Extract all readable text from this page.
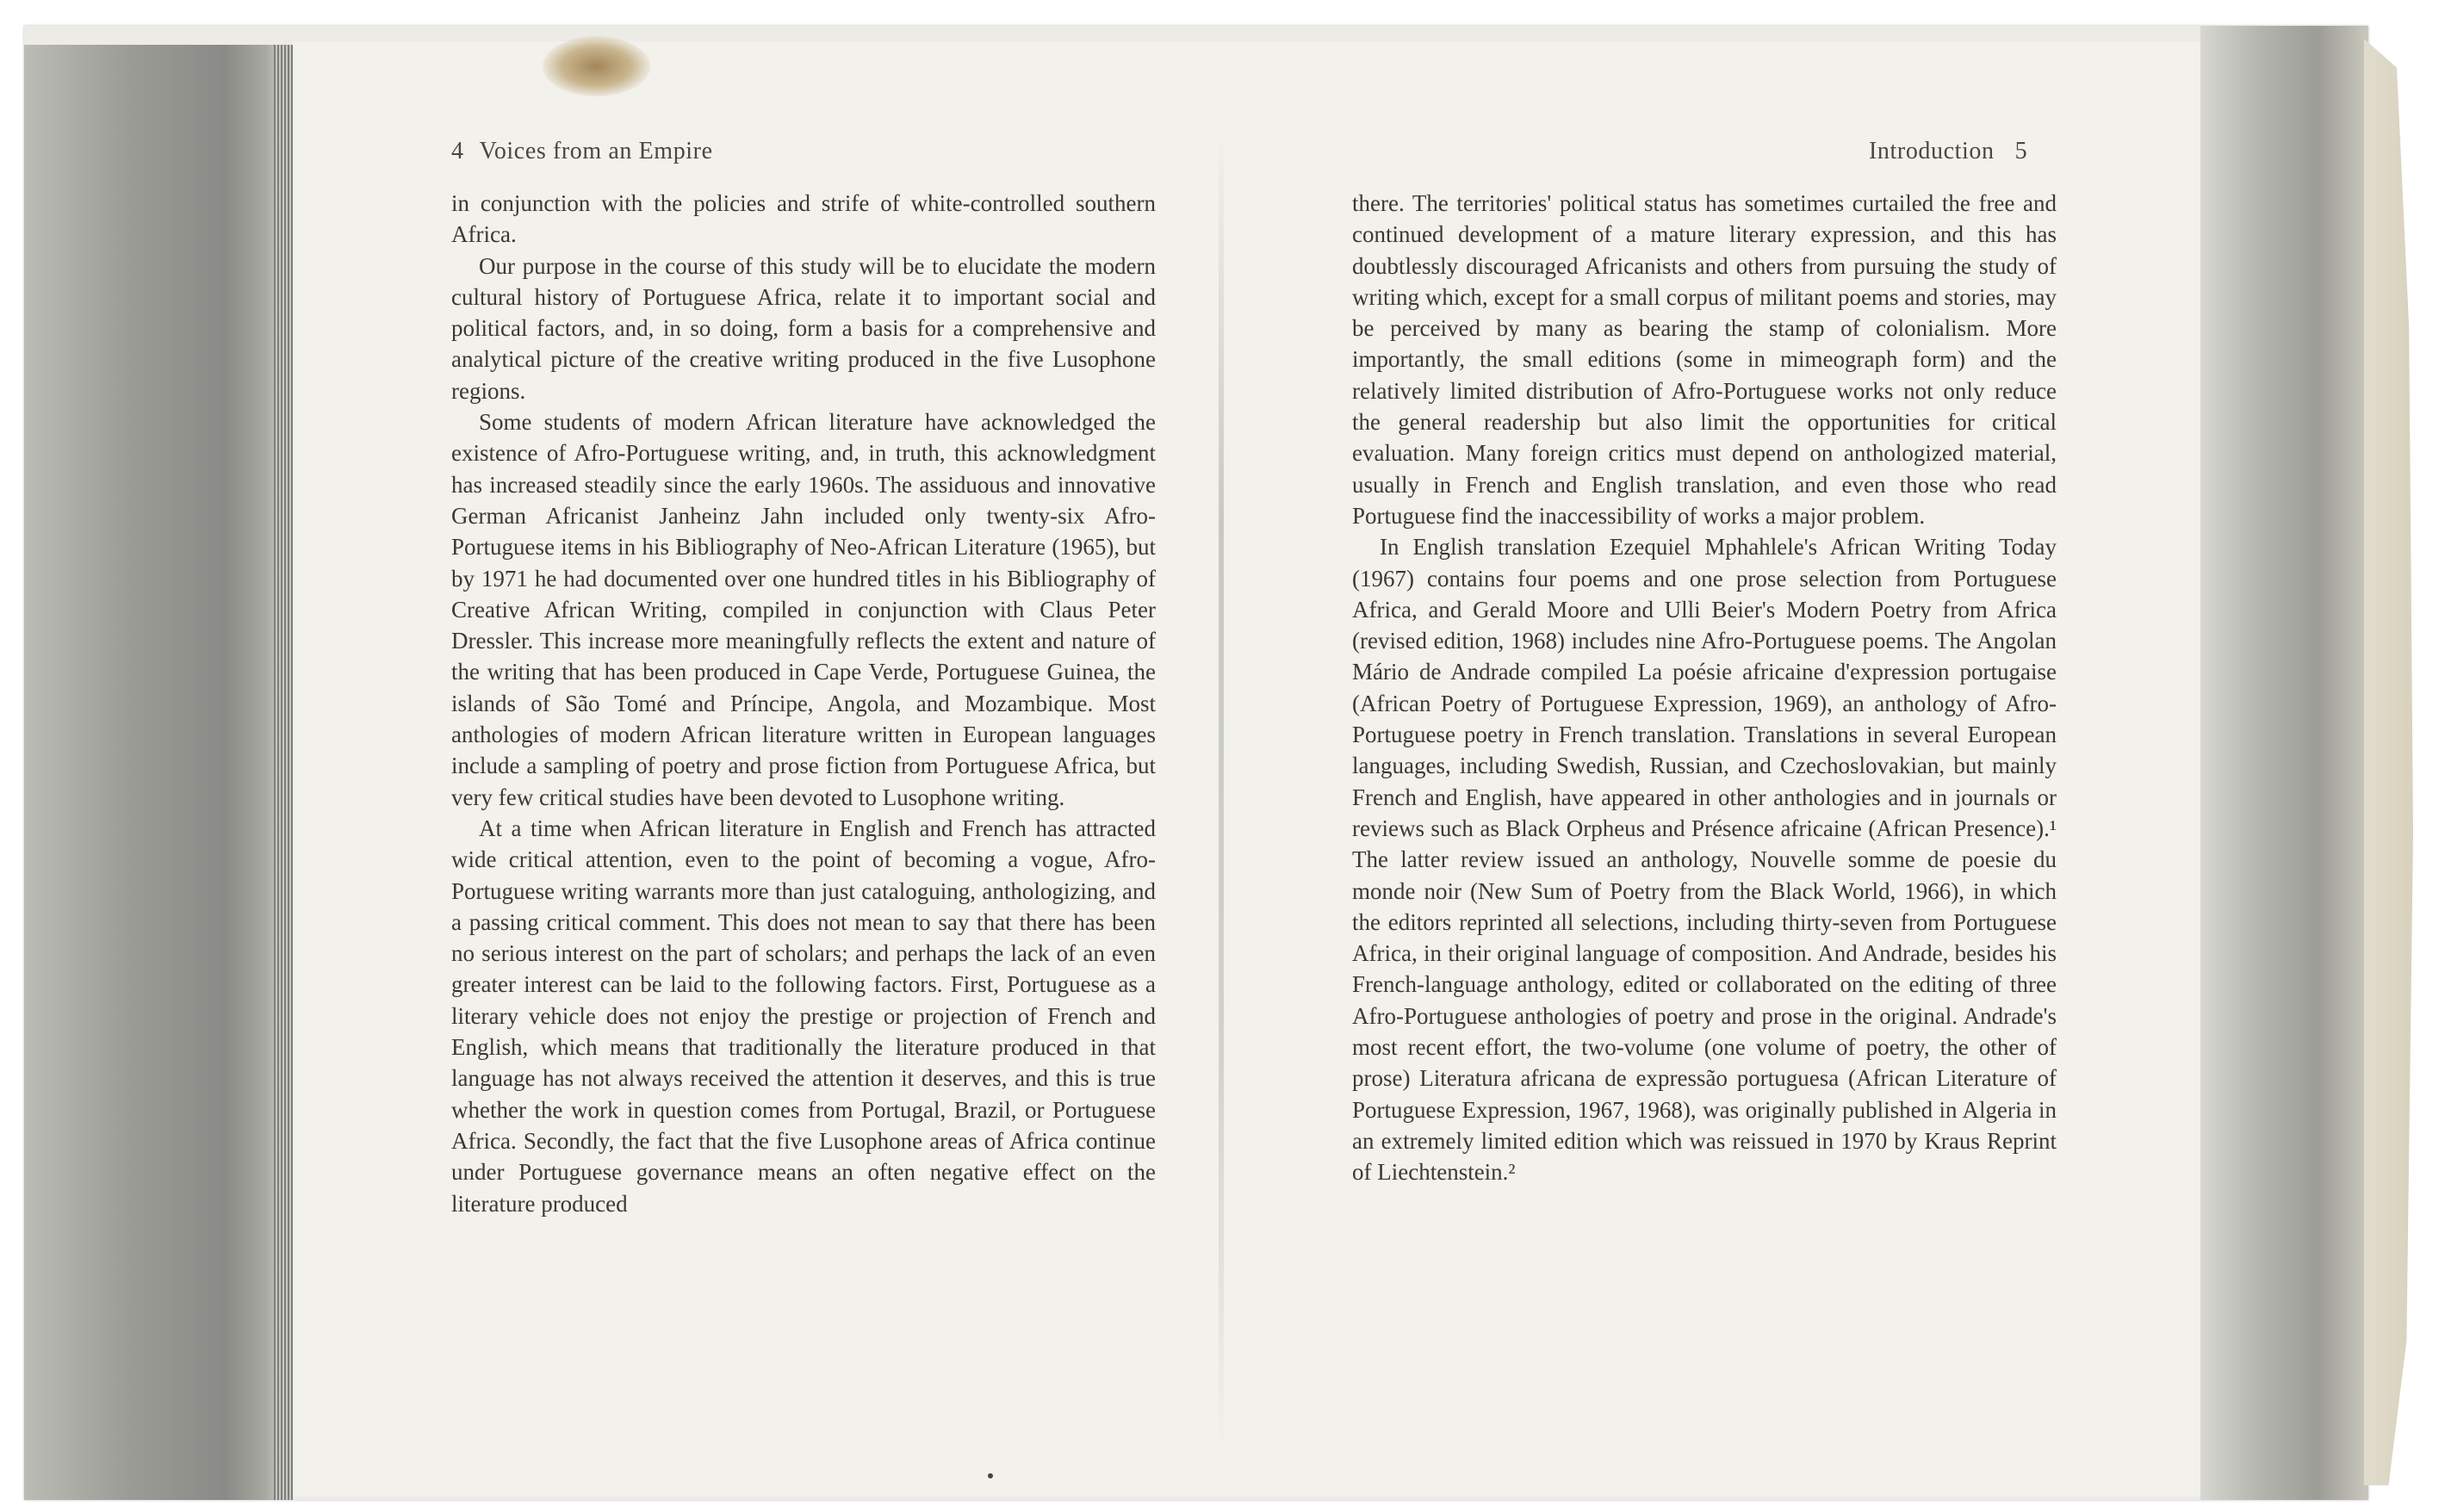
4 Voices from an Empire

in conjunction with the policies and strife of white-controlled southern Africa.

Our purpose in the course of this study will be to elucidate the modern cultural history of Portuguese Africa, relate it to important social and political factors, and, in so doing, form a basis for a comprehensive and analytical picture of the creative writing produced in the five Lusophone regions.

Some students of modern African literature have acknowledged the existence of Afro-Portuguese writing, and, in truth, this acknowledgment has increased steadily since the early 1960s. The assiduous and innovative German Africanist Janheinz Jahn included only twenty-six Afro-Portuguese items in his Bibliography of Neo-African Literature (1965), but by 1971 he had documented over one hundred titles in his Bibliography of Creative African Writing, compiled in conjunction with Claus Peter Dressler. This increase more meaningfully reflects the extent and nature of the writing that has been produced in Cape Verde, Portuguese Guinea, the islands of São Tomé and Príncipe, Angola, and Mozambique. Most anthologies of modern African literature written in European languages include a sampling of poetry and prose fiction from Portuguese Africa, but very few critical studies have been devoted to Lusophone writing.

At a time when African literature in English and French has attracted wide critical attention, even to the point of becoming a vogue, Afro-Portuguese writing warrants more than just cataloguing, anthologizing, and a passing critical comment. This does not mean to say that there has been no serious interest on the part of scholars; and perhaps the lack of an even greater interest can be laid to the following factors. First, Portuguese as a literary vehicle does not enjoy the prestige or projection of French and English, which means that traditionally the literature produced in that language has not always received the attention it deserves, and this is true whether the work in question comes from Portugal, Brazil, or Portuguese Africa. Secondly, the fact that the five Lusophone areas of Africa continue under Portuguese governance means an often negative effect on the literature produced

Introduction 5

there. The territories' political status has sometimes curtailed the free and continued development of a mature literary expression, and this has doubtlessly discouraged Africanists and others from pursuing the study of writing which, except for a small corpus of militant poems and stories, may be perceived by many as bearing the stamp of colonialism. More importantly, the small editions (some in mimeograph form) and the relatively limited distribution of Afro-Portuguese works not only reduce the general readership but also limit the opportunities for critical evaluation. Many foreign critics must depend on anthologized material, usually in French and English translation, and even those who read Portuguese find the inaccessibility of works a major problem.

In English translation Ezequiel Mphahlele's African Writing Today (1967) contains four poems and one prose selection from Portuguese Africa, and Gerald Moore and Ulli Beier's Modern Poetry from Africa (revised edition, 1968) includes nine Afro-Portuguese poems. The Angolan Mário de Andrade compiled La poésie africaine d'expression portugaise (African Poetry of Portuguese Expression, 1969), an anthology of Afro-Portuguese poetry in French translation. Translations in several European languages, including Swedish, Russian, and Czechoslovakian, but mainly French and English, have appeared in other anthologies and in journals or reviews such as Black Orpheus and Présence africaine (African Presence).¹ The latter review issued an anthology, Nouvelle somme de poesie du monde noir (New Sum of Poetry from the Black World, 1966), in which the editors reprinted all selections, including thirty-seven from Portuguese Africa, in their original language of composition. And Andrade, besides his French-language anthology, edited or collaborated on the editing of three Afro-Portuguese anthologies of poetry and prose in the original. Andrade's most recent effort, the two-volume (one volume of poetry, the other of prose) Literatura africana de expressão portuguesa (African Literature of Portuguese Expression, 1967, 1968), was originally published in Algeria in an extremely limited edition which was reissued in 1970 by Kraus Reprint of Liechtenstein.²
